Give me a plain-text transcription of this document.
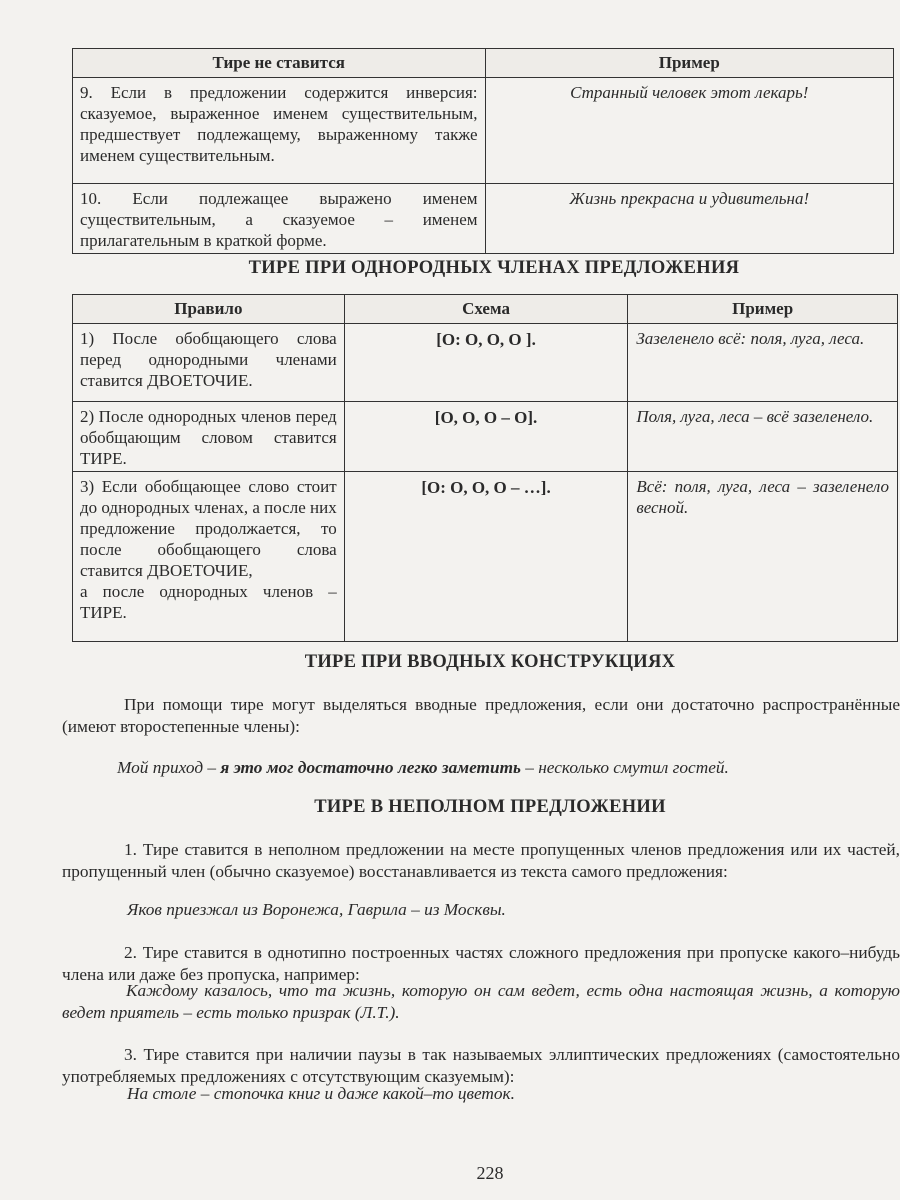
Тире не ставится	Пример
9. Если в предложении содержится инверсия: сказуемое, выраженное именем существительным, предшествует подлежащему, выраженному также именем существительным.	Странный человек этот лекарь!
10. Если подлежащее выражено именем существительным, а сказуемое – именем прилагательным в краткой форме.	Жизнь прекрасна и удивительна!
ТИРЕ ПРИ ОДНОРОДНЫХ ЧЛЕНАХ ПРЕДЛОЖЕНИЯ
Правило	Схема	Пример
1) После обобщающего слова перед однородными членами ставится ДВОЕТОЧИЕ.	[О: О, О, О ].	Зазеленело всё: поля, луга, леса.
2) После однородных членов перед обобщающим словом ставится ТИРЕ.	[О, О, О – О].	Поля, луга, леса – всё зазеленело.
3) Если обобщающее слово стоит до однородных членах, а после них предложение продолжается, то после обобщающего слова ставится ДВОЕТОЧИЕ,
а после однородных членов – ТИРЕ.	[О: О, О, О – …].	Всё: поля, луга, леса – зазеленело весной.
ТИРЕ ПРИ ВВОДНЫХ КОНСТРУКЦИЯХ
При помощи тире могут выделяться вводные предложения, если они достаточно распространённые (имеют второстепенные члены):
Мой приход – я это мог достаточно легко заметить – несколько смутил гостей.
ТИРЕ В НЕПОЛНОМ ПРЕДЛОЖЕНИИ
1. Тире ставится в неполном предложении на месте пропущенных членов предложения или их частей, пропущенный член (обычно сказуемое) восстанавливается из текста самого предложения:
Яков приезжал из Воронежа, Гаврила – из Москвы.
2. Тире ставится в однотипно построенных частях сложного предложения при пропуске какого–нибудь члена или даже без пропуска, например:
Каждому казалось, что та жизнь, которую он сам ведет, есть одна настоящая жизнь, а которую ведет приятель – есть только призрак (Л.Т.).
3. Тире ставится при наличии паузы в так называемых эллиптических предложениях (самостоятельно употребляемых предложениях с отсутствующим сказуемым):
На столе – стопочка книг и даже какой–то цветок.
228
